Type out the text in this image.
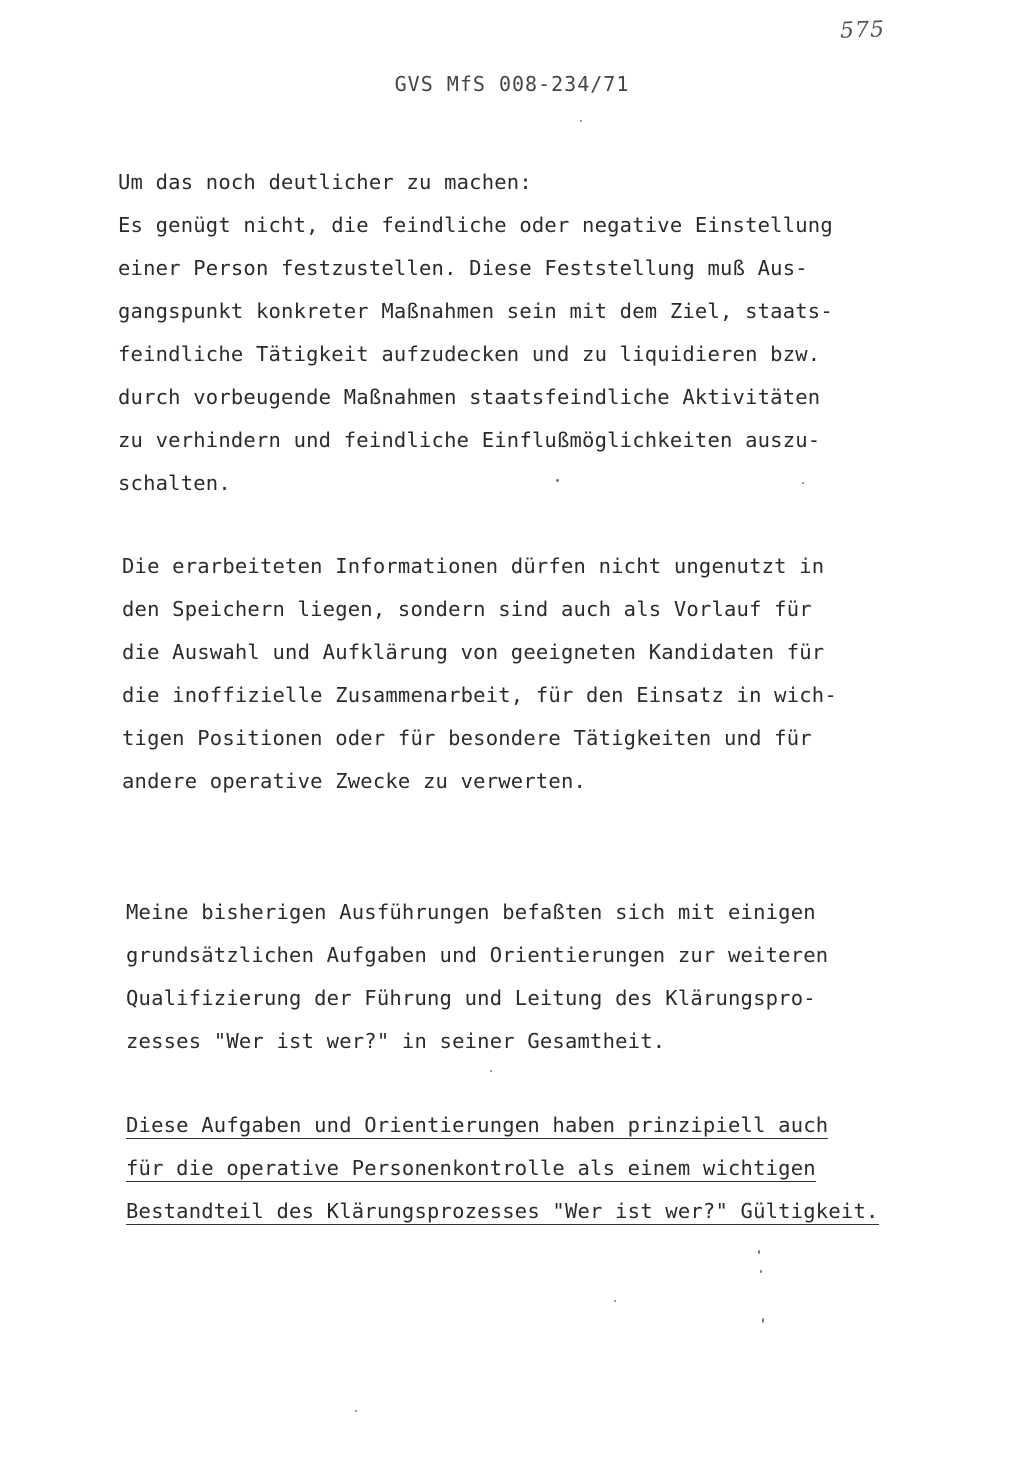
575
GVS MfS 008-234/71
Um das noch deutlicher zu machen:
Es genügt nicht, die feindliche oder negative Einstellung
einer Person festzustellen. Diese Feststellung muß Aus-
gangspunkt konkreter Maßnahmen sein mit dem Ziel, staats-
feindliche Tätigkeit aufzudecken und zu liquidieren bzw.
durch vorbeugende Maßnahmen staatsfeindliche Aktivitäten
zu verhindern und feindliche Einflußmöglichkeiten auszu-
schalten.
Die erarbeiteten Informationen dürfen nicht ungenutzt in
den Speichern liegen, sondern sind auch als Vorlauf für
die Auswahl und Aufklärung von geeigneten Kandidaten für
die inoffizielle Zusammenarbeit, für den Einsatz in wich-
tigen Positionen oder für besondere Tätigkeiten und für
andere operative Zwecke zu verwerten.
Meine bisherigen Ausführungen befaßten sich mit einigen
grundsätzlichen Aufgaben und Orientierungen zur weiteren
Qualifizierung der Führung und Leitung des Klärungspro-
zesses "Wer ist wer?" in seiner Gesamtheit.
Diese Aufgaben und Orientierungen haben prinzipiell auch
für die operative Personenkontrolle als einem wichtigen
Bestandteil des Klärungsprozesses "Wer ist wer?" Gültigkeit.
